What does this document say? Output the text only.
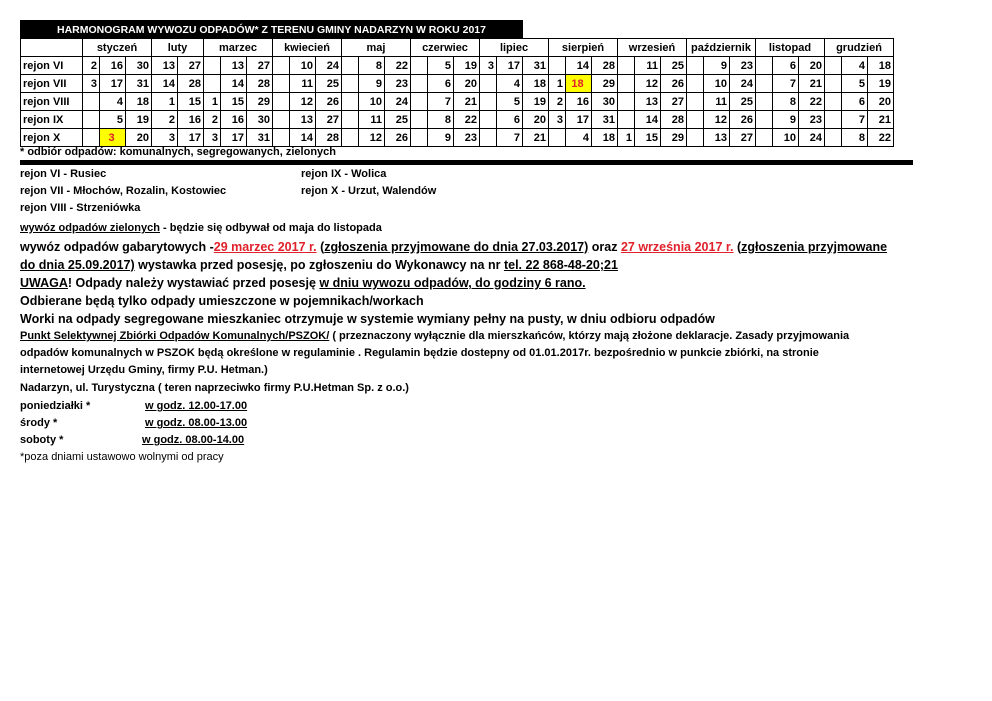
HARMONOGRAM WYWOZU ODPADÓW* Z TERENU GMINY NADARZYN W ROKU 2017																																			
	styczeń			luty		marzec			kwiecień			maj			czerwiec			lipiec			sierpień			wrzesień			październik			listopad			grudzień		
rejon VI	2	16	30	13	27		13	27		10	24		8	22		5	19	3	17	31		14	28		11	25		9	23		6	20		4	18
rejon VII	3	17	31	14	28		14	28		11	25		9	23		6	20		4	18	1	18	29		12	26		10	24		7	21		5	19
rejon VIII		4	18	1	15	1	15	29		12	26		10	24		7	21		5	19	2	16	30		13	27		11	25		8	22		6	20
rejon IX		5	19	2	16	2	16	30		13	27		11	25		8	22		6	20	3	17	31		14	28		12	26		9	23		7	21
rejon X		3	20	3	17	3	17	31		14	28		12	26		9	23		7	21		4	18	1	15	29		13	27		10	24		8	22
* odbiór odpadów: komunalnych, segregowanych, zielonych
rejon VI - Rusiec
rejon VII - Młochów, Rozalin, Kostowiec
rejon VIII - Strzeniówka
rejon IX - Wolica
rejon X - Urzut, Walendów
wywóz odpadów zielonych - będzie się odbywał od maja do listopada
wywóz odpadów gabarytowych -29 marzec 2017 r. (zgłoszenia przyjmowane do dnia 27.03.2017) oraz 27 września 2017 r. (zgłoszenia przyjmowane
do dnia 25.09.2017) wystawka przed posesję, po zgłoszeniu do Wykonawcy na nr tel. 22 868-48-20;21
UWAGA! Odpady należy wystawiać przed posesję w dniu wywozu odpadów, do godziny 6 rano.
Odbierane będą tylko odpady umieszczone w pojemnikach/workach
Worki na odpady segregowane mieszkaniec otrzymuje w systemie wymiany pełny na pusty, w dniu odbioru odpadów
Punkt Selektywnej Zbiórki Odpadów Komunalnych/PSZOK/ ( przeznaczony wyłącznie dla mierszkańców, którzy mają złożone deklaracje. Zasady przyjmowania
odpadów komunalnych w PSZOK będą określone w regulaminie . Regulamin będzie dostepny od 01.01.2017r. bezpośrednio w punkcie zbiórki, na stronie
internetowej Urzędu Gminy, firmy P.U. Hetman.)
Nadarzyn, ul. Turystyczna ( teren naprzeciwko firmy P.U.Hetman Sp. z o.o.)
poniedziałki *	w godz. 12.00-17.00
środy *	w godz. 08.00-13.00
soboty *	w godz. 08.00-14.00
*poza dniami ustawowo wolnymi od pracy
